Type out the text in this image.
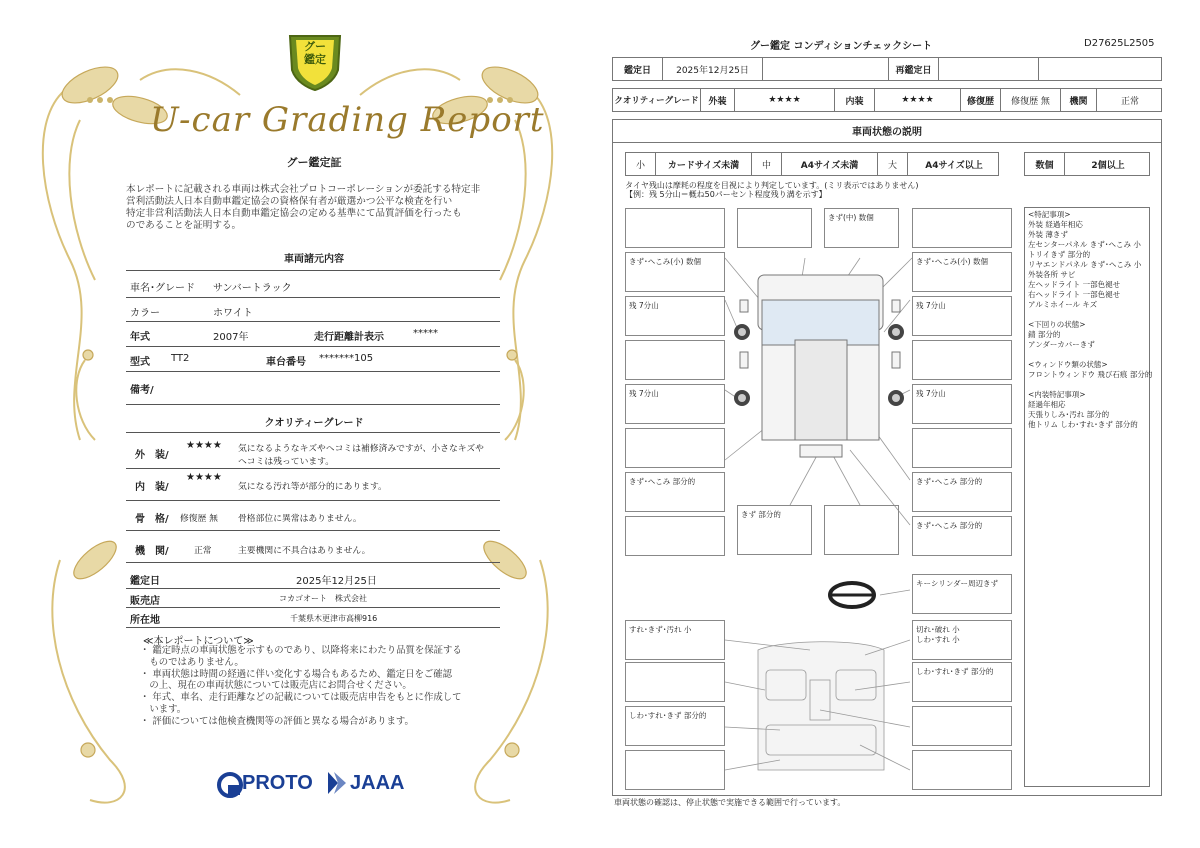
グー
鑑定
U-car Grading Report
グー鑑定証
本レポートに記載される車両は株式会社プロトコーポレーションが委託する特定非
営利活動法人日本自動車鑑定協会の資格保有者が厳選かつ公平な検査を行い
特定非営利活動法人日本自動車鑑定協会の定める基準にて品質評価を行ったも
のであることを証明する。
車両諸元内容
車名･グレード サンバートラック
カラー	ホワイト
年式	2007年	走行距離計表示	*****
型式 TT2	車台番号 *******105
備考/
クオリティーグレード
外　装/
★★★★ 気になるようなキズやヘコミは補修済みですが、小さなキズや
ヘコミは残っています。
内　装/
★★★★
気になる汚れ等が部分的にあります。
骨　格/ 修復歴 無 骨格部位に異常はありません。
機　関/	正常	主要機関に不具合はありません。
鑑定日	2025年12月25日
販売店	コカゴオート　株式会社
所在地	千葉県木更津市高柳916
≪本レポートについて≫
・ 鑑定時点の車両状態を示すものであり、以降将来にわたり品質を保証する
　ものではありません。
・ 車両状態は時間の経過に伴い変化する場合もあるため、鑑定日をご確認
　の上、現在の車両状態については販売店にお問合せください。
・ 年式、車名、走行距離などの記載については販売店申告をもとに作成して
　います。
・ 評価については他検査機関等の評価と異なる場合があります。
PROTO JAAA
グー鑑定 コンディションチェックシート	D27625L2505
鑑定日	2025年12月25日	再鑑定日
クオリティーグレード	外装	★★★★	内装	★★★★	修復歴	修復歴 無	機関	正常
車両状態の説明
小	カードサイズ未満	中	A4サイズ未満	大	A4サイズ以上	数個	2個以上
タイヤ残山は摩耗の程度を目視により判定しています。(ミリ表示ではありません)
【例：残 5分山＝概ね50パーセント程度残り溝を示す】
きず･へこみ(小) 数個
残 7分山
残 7分山
きず･へこみ 部分的
きず(中) 数個
きず･へこみ(小) 数個
残 7分山
残 7分山
きず･へこみ 部分的
きず･へこみ 部分的
きず 部分的
キーシリンダー周辺きず
すれ･きず･汚れ 小
しわ･すれ･きず 部分的
切れ･破れ 小
しわ･すれ 小
しわ･すれ･きず 部分的
<特記事項>
外装 経過年相応
外装 薄きず
左センターパネル きず･へこみ 小
トリイきず 部分的
リヤエンドパネル きず･へこみ 小
外装各所 サビ
左ヘッドライト 一部色褪せ
右ヘッドライト 一部色褪せ
アルミホイール キズ
<下回りの状態>
錆 部分的
アンダーカバーきず
<ウィンドウ類の状態>
フロントウィンドウ 飛び石痕 部分的
<内装特記事項>
経過年相応
天張りしみ･汚れ 部分的
他トリム しわ･すれ･きず 部分的
車両状態の確認は、停止状態で実施できる範囲で行っています。
